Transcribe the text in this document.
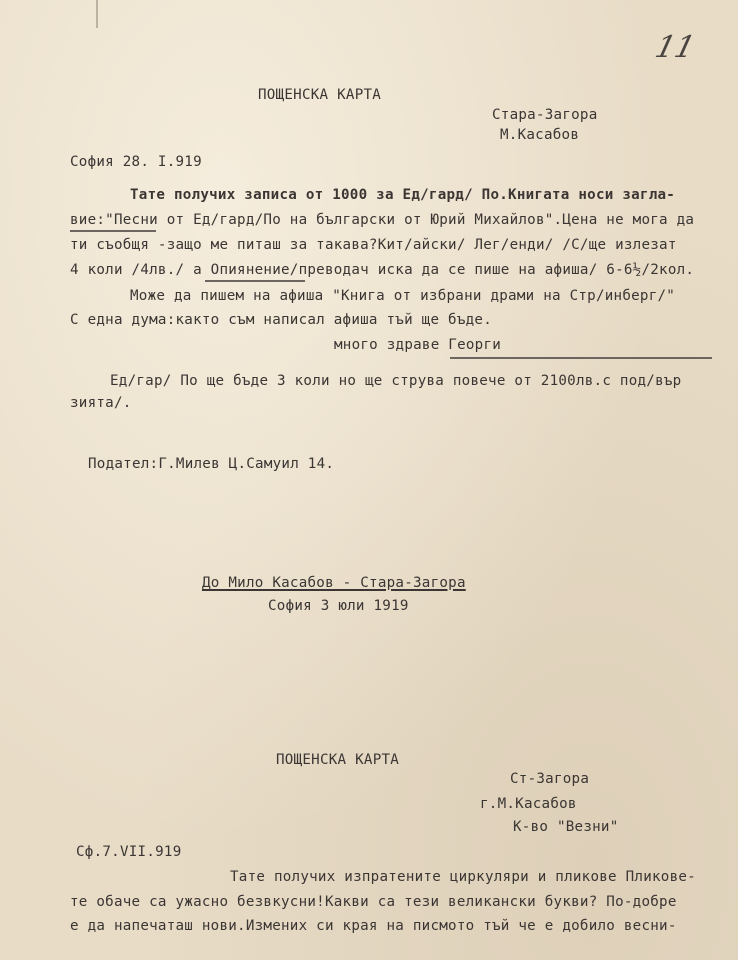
11
ПОЩЕНСКА КАРТА
Стара-Загора
М.Касабов
София 28. I.919
Тате получих записа от 1000 за Ед/гард/ По.Книгата носи загла-
вие:"Песни от Ед/гард/По на български от Юрий Михайлов".Цена не мога да
ти съобщя -защо ме питаш за такава?Кит/айски/ Лег/енди/ /С/ще излезат
4 коли /4лв./ а Опиянение/преводач иска да се пише на афиша/ 6-6½/2кол.
Може да пишем на афиша "Книга от избрани драми на Стр/инберг/"
С една дума:както съм написал афиша тъй ще бъде.
много здраве Георги
Ед/гар/ По ще бъде 3 коли но ще струва повече от 2100лв.с под/вър
зията/.
Подател:Г.Милев Ц.Самуил 14.
До Мило Касабов - Стара-Загора
София 3 юли 1919
ПОЩЕНСКА КАРТА
Ст-Загора
г.М.Касабов
К-во "Везни"
Сф.7.VII.919
Тате получих изпратените циркуляри и пликове Пликове-
те обаче са ужасно безвкусни!Какви са тези великански букви? По-добре
е да напечаташ нови.Измених си края на писмото тъй че е добило весни-
